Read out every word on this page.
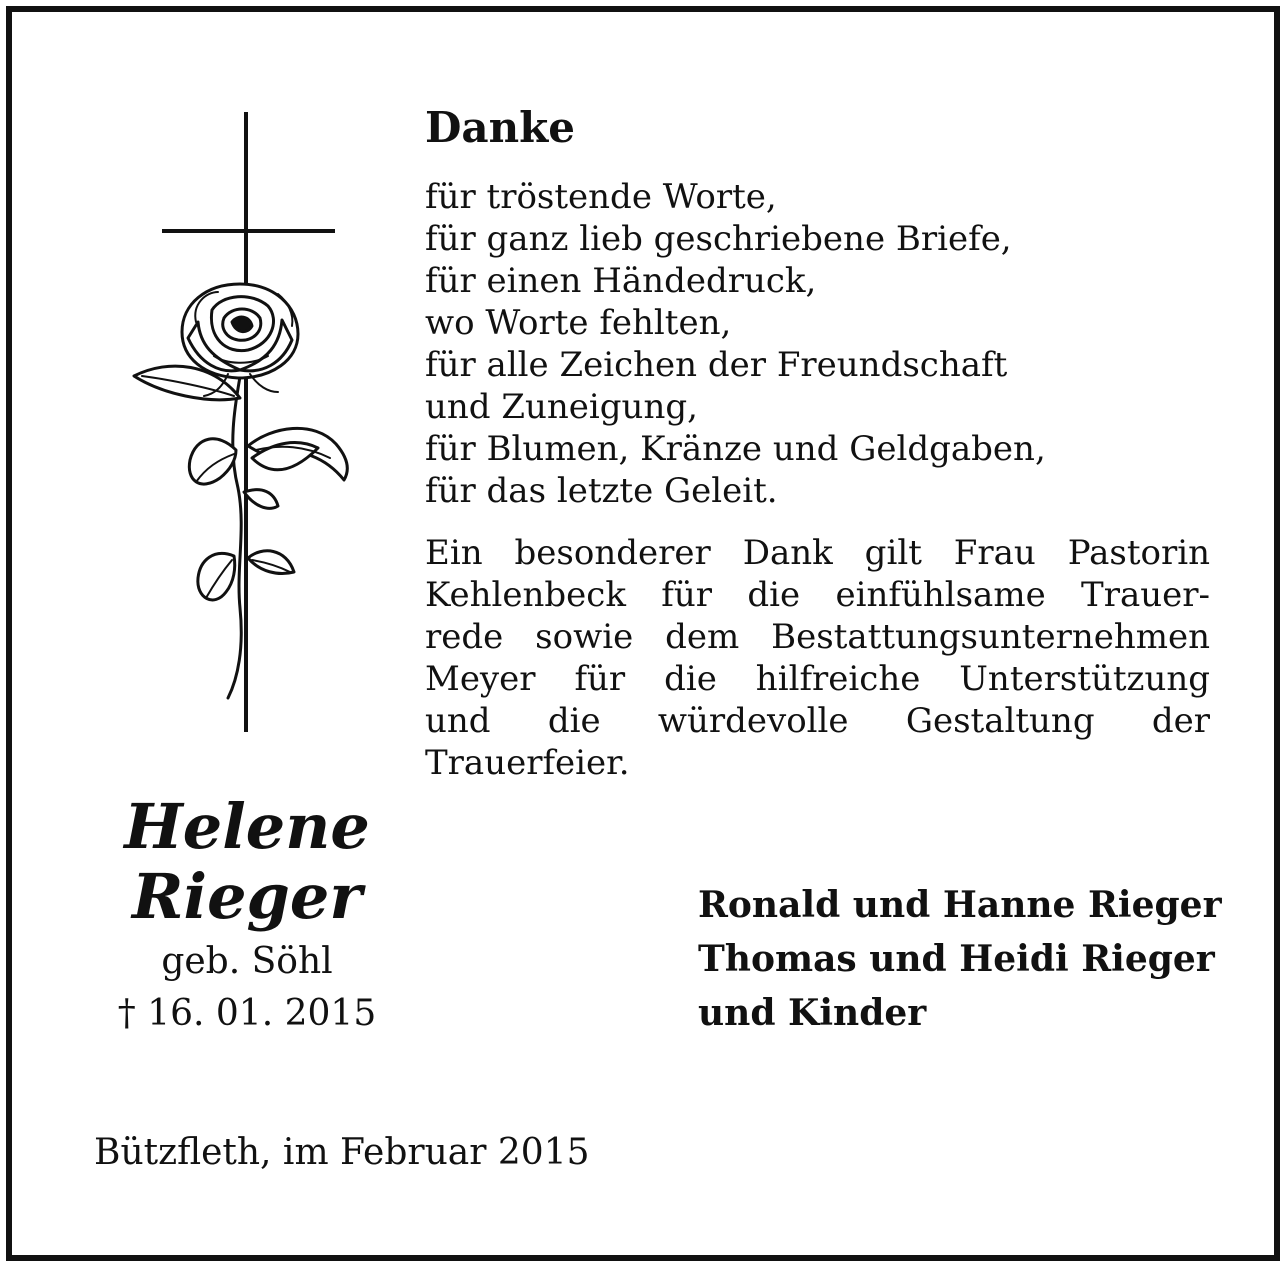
Danke
für tröstende Worte,
für ganz lieb geschriebene Briefe,
für einen Händedruck,
wo Worte fehlten,
für alle Zeichen der Freundschaft
und Zuneigung,
für Blumen, Kränze und Geldgaben,
für das letzte Geleit.

Ein besonderer Dank gilt Frau Pastorin
Kehlenbeck für die einfühlsame Trauer-
rede sowie dem Bestattungsunternehmen
Meyer für die hilfreiche Unterstützung
und die würdevolle Gestaltung der
Trauerfeier.

Helene
Rieger
geb. Söhl
† 16. 01. 2015
Ronald und Hanne Rieger
Thomas und Heidi Rieger
und Kinder
Bützfleth, im Februar 2015
